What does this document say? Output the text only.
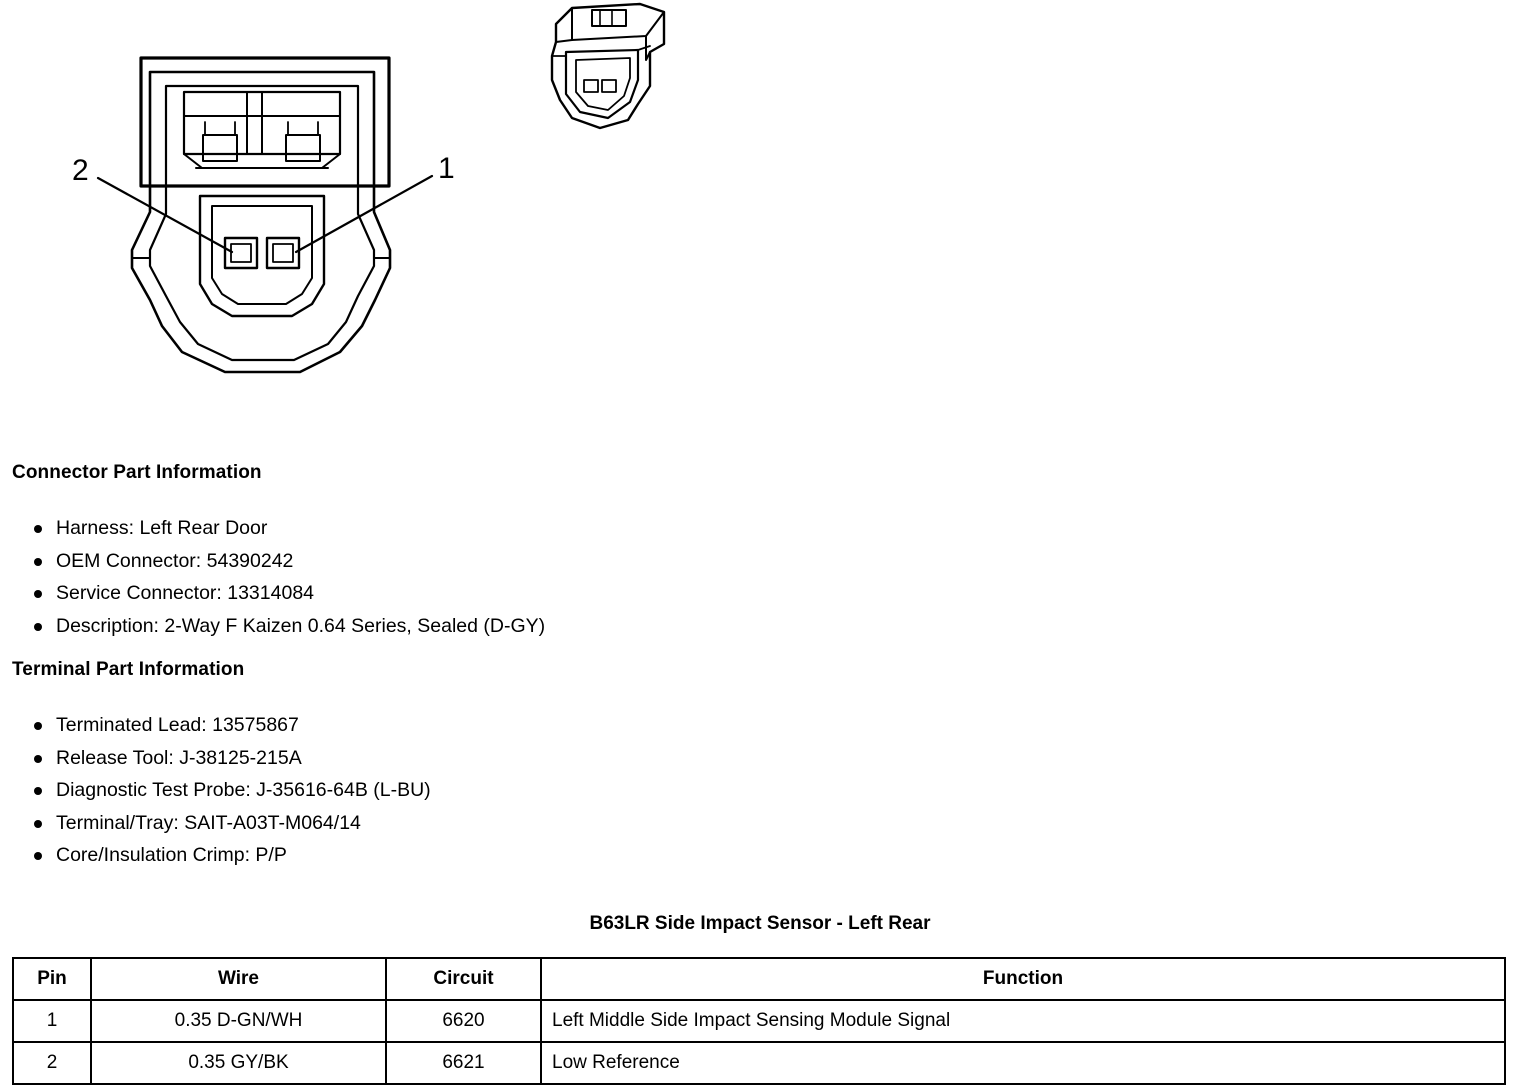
2	1
Connector Part Information
Harness: Left Rear Door
OEM Connector: 54390242
Service Connector: 13314084
Description: 2-Way F Kaizen 0.64 Series, Sealed (D-GY)
Terminal Part Information
Terminated Lead: 13575867
Release Tool: J-38125-215A
Diagnostic Test Probe: J-35616-64B (L-BU)
Terminal/Tray: SAIT-A03T-M064/14
Core/Insulation Crimp: P/P
B63LR Side Impact Sensor - Left Rear
Pin	Wire	Circuit	Function
1	0.35 D-GN/WH	6620	Left Middle Side Impact Sensing Module Signal
2	0.35 GY/BK	6621	Low Reference
